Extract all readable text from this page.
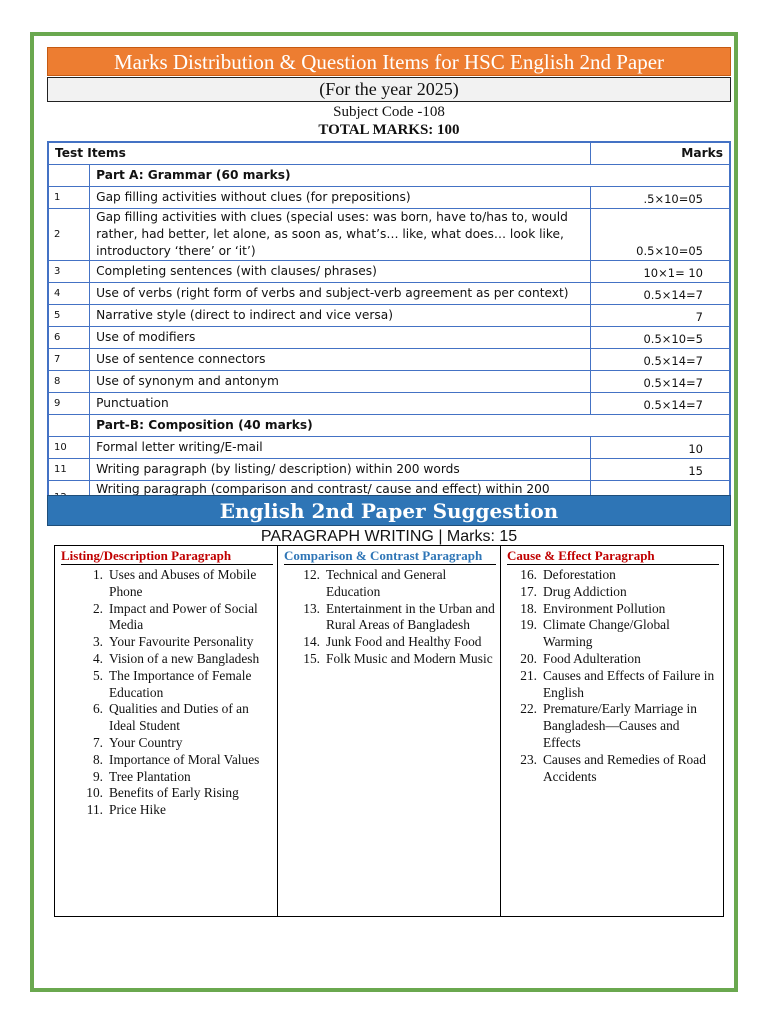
Marks Distribution & Question Items for HSC English 2nd Paper
(For the year 2025)
Subject Code -108
TOTAL MARKS: 100
Test Items		Marks
	Part A: Grammar (60 marks)	
1	Gap filling activities without clues (for prepositions)	.5×10=05
2	Gap filling activities with clues (special uses: was born, have to/has to, would rather, had better, let alone, as soon as, what’s… like, what does… look like, introductory ‘there’ or ‘it’)	0.5×10=05
3	Completing sentences (with clauses/ phrases)	10×1= 10
4	Use of verbs (right form of verbs and subject-verb agreement as per context)	0.5×14=7
5	Narrative style (direct to indirect and vice versa)	7
6	Use of modifiers	0.5×10=5
7	Use of sentence connectors	0.5×14=7
8	Use of synonym and antonym	0.5×14=7
9	Punctuation	0.5×14=7
	Part-B: Composition (40 marks)	
10	Formal letter writing/E-mail	10
11	Writing paragraph (by listing/ description) within 200 words	15
	Writing paragraph (comparison and contrast/ cause and effect) within 200	
English 2nd Paper Suggestion
PARAGRAPH WRITING | Marks: 15
Listing/Description Paragraph
1. Uses and Abuses of Mobile Phone
2. Impact and Power of Social Media
3. Your Favourite Personality
4. Vision of a new Bangladesh
5. The Importance of Female Education
6. Qualities and Duties of an Ideal Student
7. Your Country
8. Importance of Moral Values
9. Tree Plantation
10. Benefits of Early Rising
11. Price Hike
Comparison & Contrast Paragraph
12. Technical and General Education
13. Entertainment in the Urban and Rural Areas of Bangladesh
14. Junk Food and Healthy Food
15. Folk Music and Modern Music
Cause & Effect Paragraph
16. Deforestation
17. Drug Addiction
18. Environment Pollution
19. Climate Change/Global Warming
20. Food Adulteration
21. Causes and Effects of Failure in English
22. Premature/Early Marriage in Bangladesh—Causes and Effects
23. Causes and Remedies of Road Accidents
